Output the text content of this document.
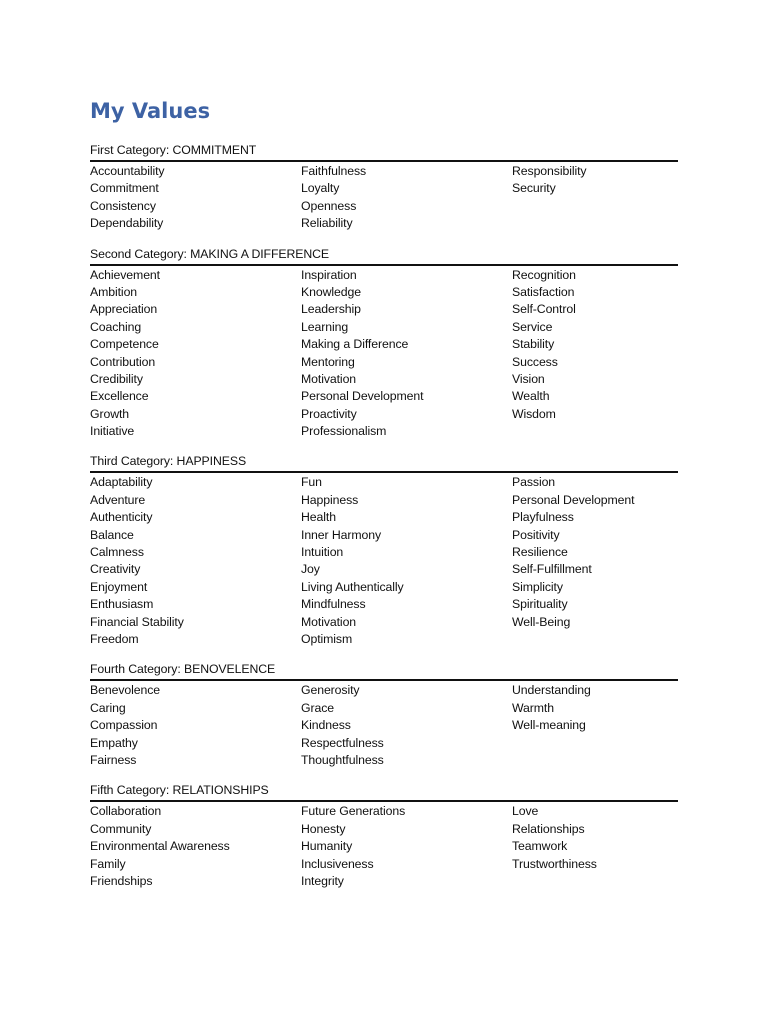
My Values
First Category: COMMITMENT
Accountability
Commitment
Consistency
Dependability
Faithfulness
Loyalty
Openness
Reliability
Responsibility
Security
Second Category: MAKING A DIFFERENCE
Achievement
Ambition
Appreciation
Coaching
Competence
Contribution
Credibility
Excellence
Growth
Initiative
Inspiration
Knowledge
Leadership
Learning
Making a Difference
Mentoring
Motivation
Personal Development
Proactivity
Professionalism
Recognition
Satisfaction
Self-Control
Service
Stability
Success
Vision
Wealth
Wisdom
Third Category: HAPPINESS
Adaptability
Adventure
Authenticity
Balance
Calmness
Creativity
Enjoyment
Enthusiasm
Financial Stability
Freedom
Fun
Happiness
Health
Inner Harmony
Intuition
Joy
Living Authentically
Mindfulness
Motivation
Optimism
Passion
Personal Development
Playfulness
Positivity
Resilience
Self-Fulfillment
Simplicity
Spirituality
Well-Being
Fourth Category: BENOVELENCE
Benevolence
Caring
Compassion
Empathy
Fairness
Generosity
Grace
Kindness
Respectfulness
Thoughtfulness
Understanding
Warmth
Well-meaning
Fifth Category: RELATIONSHIPS
Collaboration
Community
Environmental Awareness
Family
Friendships
Future Generations
Honesty
Humanity
Inclusiveness
Integrity
Love
Relationships
Teamwork
Trustworthiness
